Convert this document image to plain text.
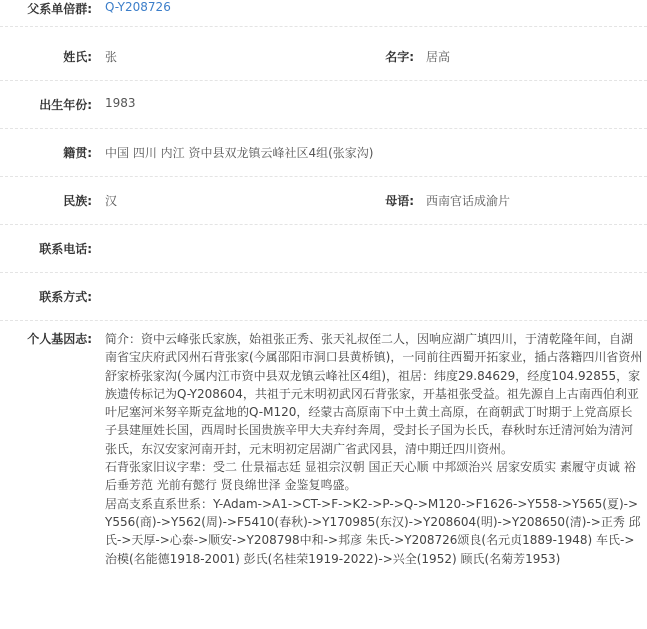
父系单倍群: Q-Y208726
姓氏: 张	名字: 居高
出生年份: 1983
籍贯: 中国 四川 内江 资中县双龙镇云峰社区4组(张家沟)
民族: 汉	母语: 西南官话成渝片
联系电话:
联系方式:
个人基因志: 简介：资中云峰张氏家族，始祖张正秀、张天礼叔侄二人，因响应湖广填四川，于清乾隆年间，自湖南省宝庆府武冈州石背张家(今属邵阳市洞口县黄桥镇)，一同前往西蜀开拓家业，插占落籍四川省资州舒家桥张家沟(今属内江市资中县双龙镇云峰社区4组)，祖居：纬度29.84629，经度104.92855，家族遗传标记为Q-Y208604，共祖于元末明初武冈石背张家，开基祖张受益。祖先源自上古南西伯利亚叶尼塞河米努辛斯克盆地的Q-M120，经蒙古高原南下中土黄土高原，在商朝武丁时期于上党高原长子县建厘姓长国，西周时长国贵族辛甲大夫弃纣奔周，受封长子国为长氏，春秋时东迁清河始为清河张氏，东汉安家河南开封，元末明初定居湖广省武冈县，清中期迁四川资州。

石背张家旧议字辈：受二 仕景福志廷 显祖宗汉朝 国正天心顺 中邦颂治兴 居家安质实 素履守贞诚 裕后垂芳范 光前有懿行 贤良绵世泽 金鉴复鸣盛。

居高支系直系世系：Y-Adam->A1->CT->F->K2->P->Q->M120->F1626->Y558->Y565(夏)->Y556(商)->Y562(周)->F5410(春秋)->Y170985(东汉)->Y208604(明)->Y208650(清)->正秀 邱氏->天厚->心泰->顺安->Y208798中和->邦彦 朱氏->Y208726颂良(名元贞1889-1948) 车氏->治模(名能德1918-2001) 彭氏(名桂荣1919-2022)->兴全(1952) 顾氏(名菊芳1953)
